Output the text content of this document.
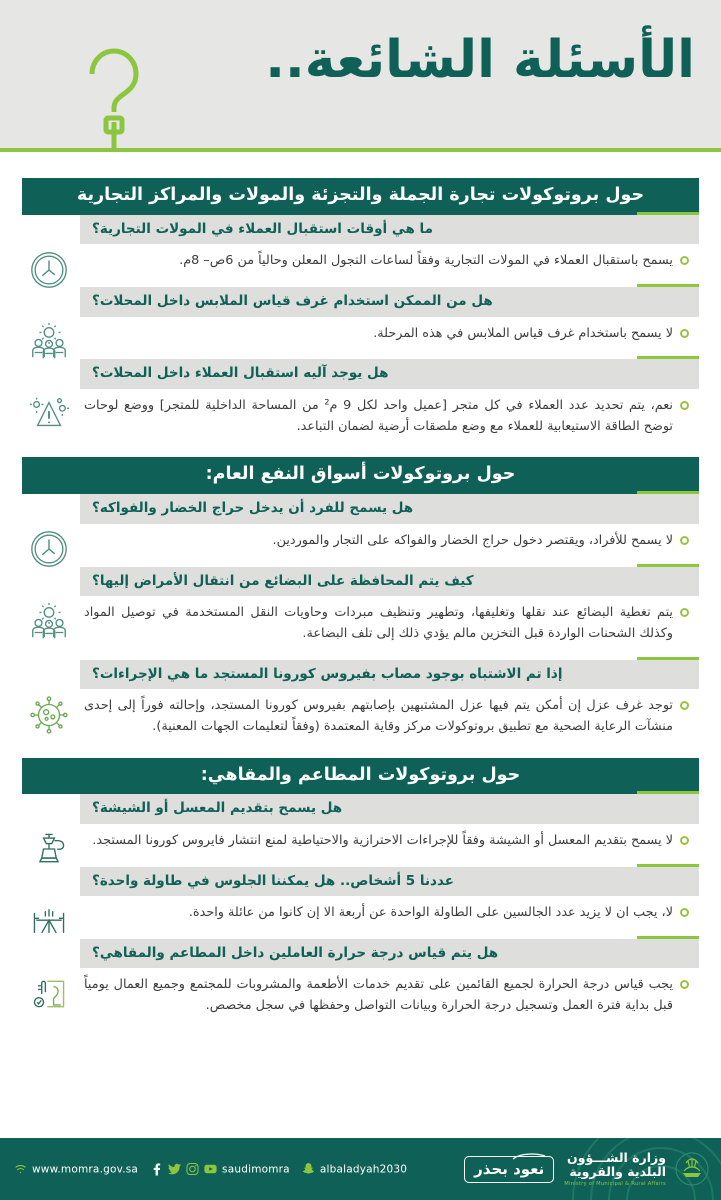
الأسئلة الشائعة..
حول بروتوكولات تجارة الجملة والتجزئة والمولات والمراكز التجارية
ما هي أوقات استقبال العملاء في المولات التجارية؟
يسمح باستقبال العملاء في المولات التجارية وفقاً لساعات التجول المعلن وحالياً من 6ص– 8م.
هل من الممكن استخدام غرف قياس الملابس داخل المحلات؟
لا يسمح باستخدام غرف قياس الملابس في هذه المرحلة.
هل يوجد آليه استقبال العملاء داخل المحلات؟
نعم، يتم تحديد عدد العملاء في كل متجر [عميل واحد لكل 9 م² من المساحة الداخلية للمتجر] ووضع لوحات توضح الطاقة الاستيعابية للعملاء مع وضع ملصقات أرضية لضمان التباعد.
حول بروتوكولات أسواق النفع العام:
هل يسمح للفرد أن يدخل حراج الخضار والفواكه؟
لا يسمح للأفراد، ويقتصر دخول حراج الخضار والفواكه على التجار والموردين.
كيف يتم المحافظة على البضائع من انتقال الأمراض إليها؟
يتم تغطية البضائع عند نقلها وتغليفها، وتطهير وتنظيف مبردات وحاويات النقل المستخدمة في توصيل المواد وكذلك الشحنات الواردة قبل التخزين مالم يؤدي ذلك إلى تلف البضاعة.
إذا تم الاشتباه بوجود مصاب بفيروس كورونا المستجد ما هي الإجراءات؟
توجد غرف عزل إن أمكن يتم فيها عزل المشتبهين بإصابتهم بفيروس كورونا المستجد، وإحالته فوراً إلى إحدى منشآت الرعاية الصحية مع تطبيق بروتوكولات مركز وقاية المعتمدة (وفقاً لتعليمات الجهات المعنية).
حول بروتوكولات المطاعم والمقاهي:
هل يسمح بتقديم المعسل أو الشيشة؟
لا يسمح بتقديم المعسل أو الشيشة وفقاً للإجراءات الاحترازية والاحتياطية لمنع انتشار فايروس كورونا المستجد.
عددنا 5 أشخاص.. هل يمكننا الجلوس في طاولة واحدة؟
لا، يجب ان لا يزيد عدد الجالسين على الطاولة الواحدة عن أربعة الا إن كانوا من عائلة واحدة.
هل يتم قياس درجة حرارة العاملين داخل المطاعم والمقاهي؟
يجب قياس درجة الحرارة لجميع القائمين على تقديم خدمات الأطعمة والمشروبات للمجتمع وجميع العمال يومياً قبل بداية فترة العمل وتسجيل درجة الحرارة وبيانات التواصل وحفظها في سجل مخصص.
www.momra.gov.sa	saudimomra	albaladyah2030	نعود بحذر
وزارة الشـــؤون
البلدية والقروية
Ministry of Municipal & Rural Affairs
